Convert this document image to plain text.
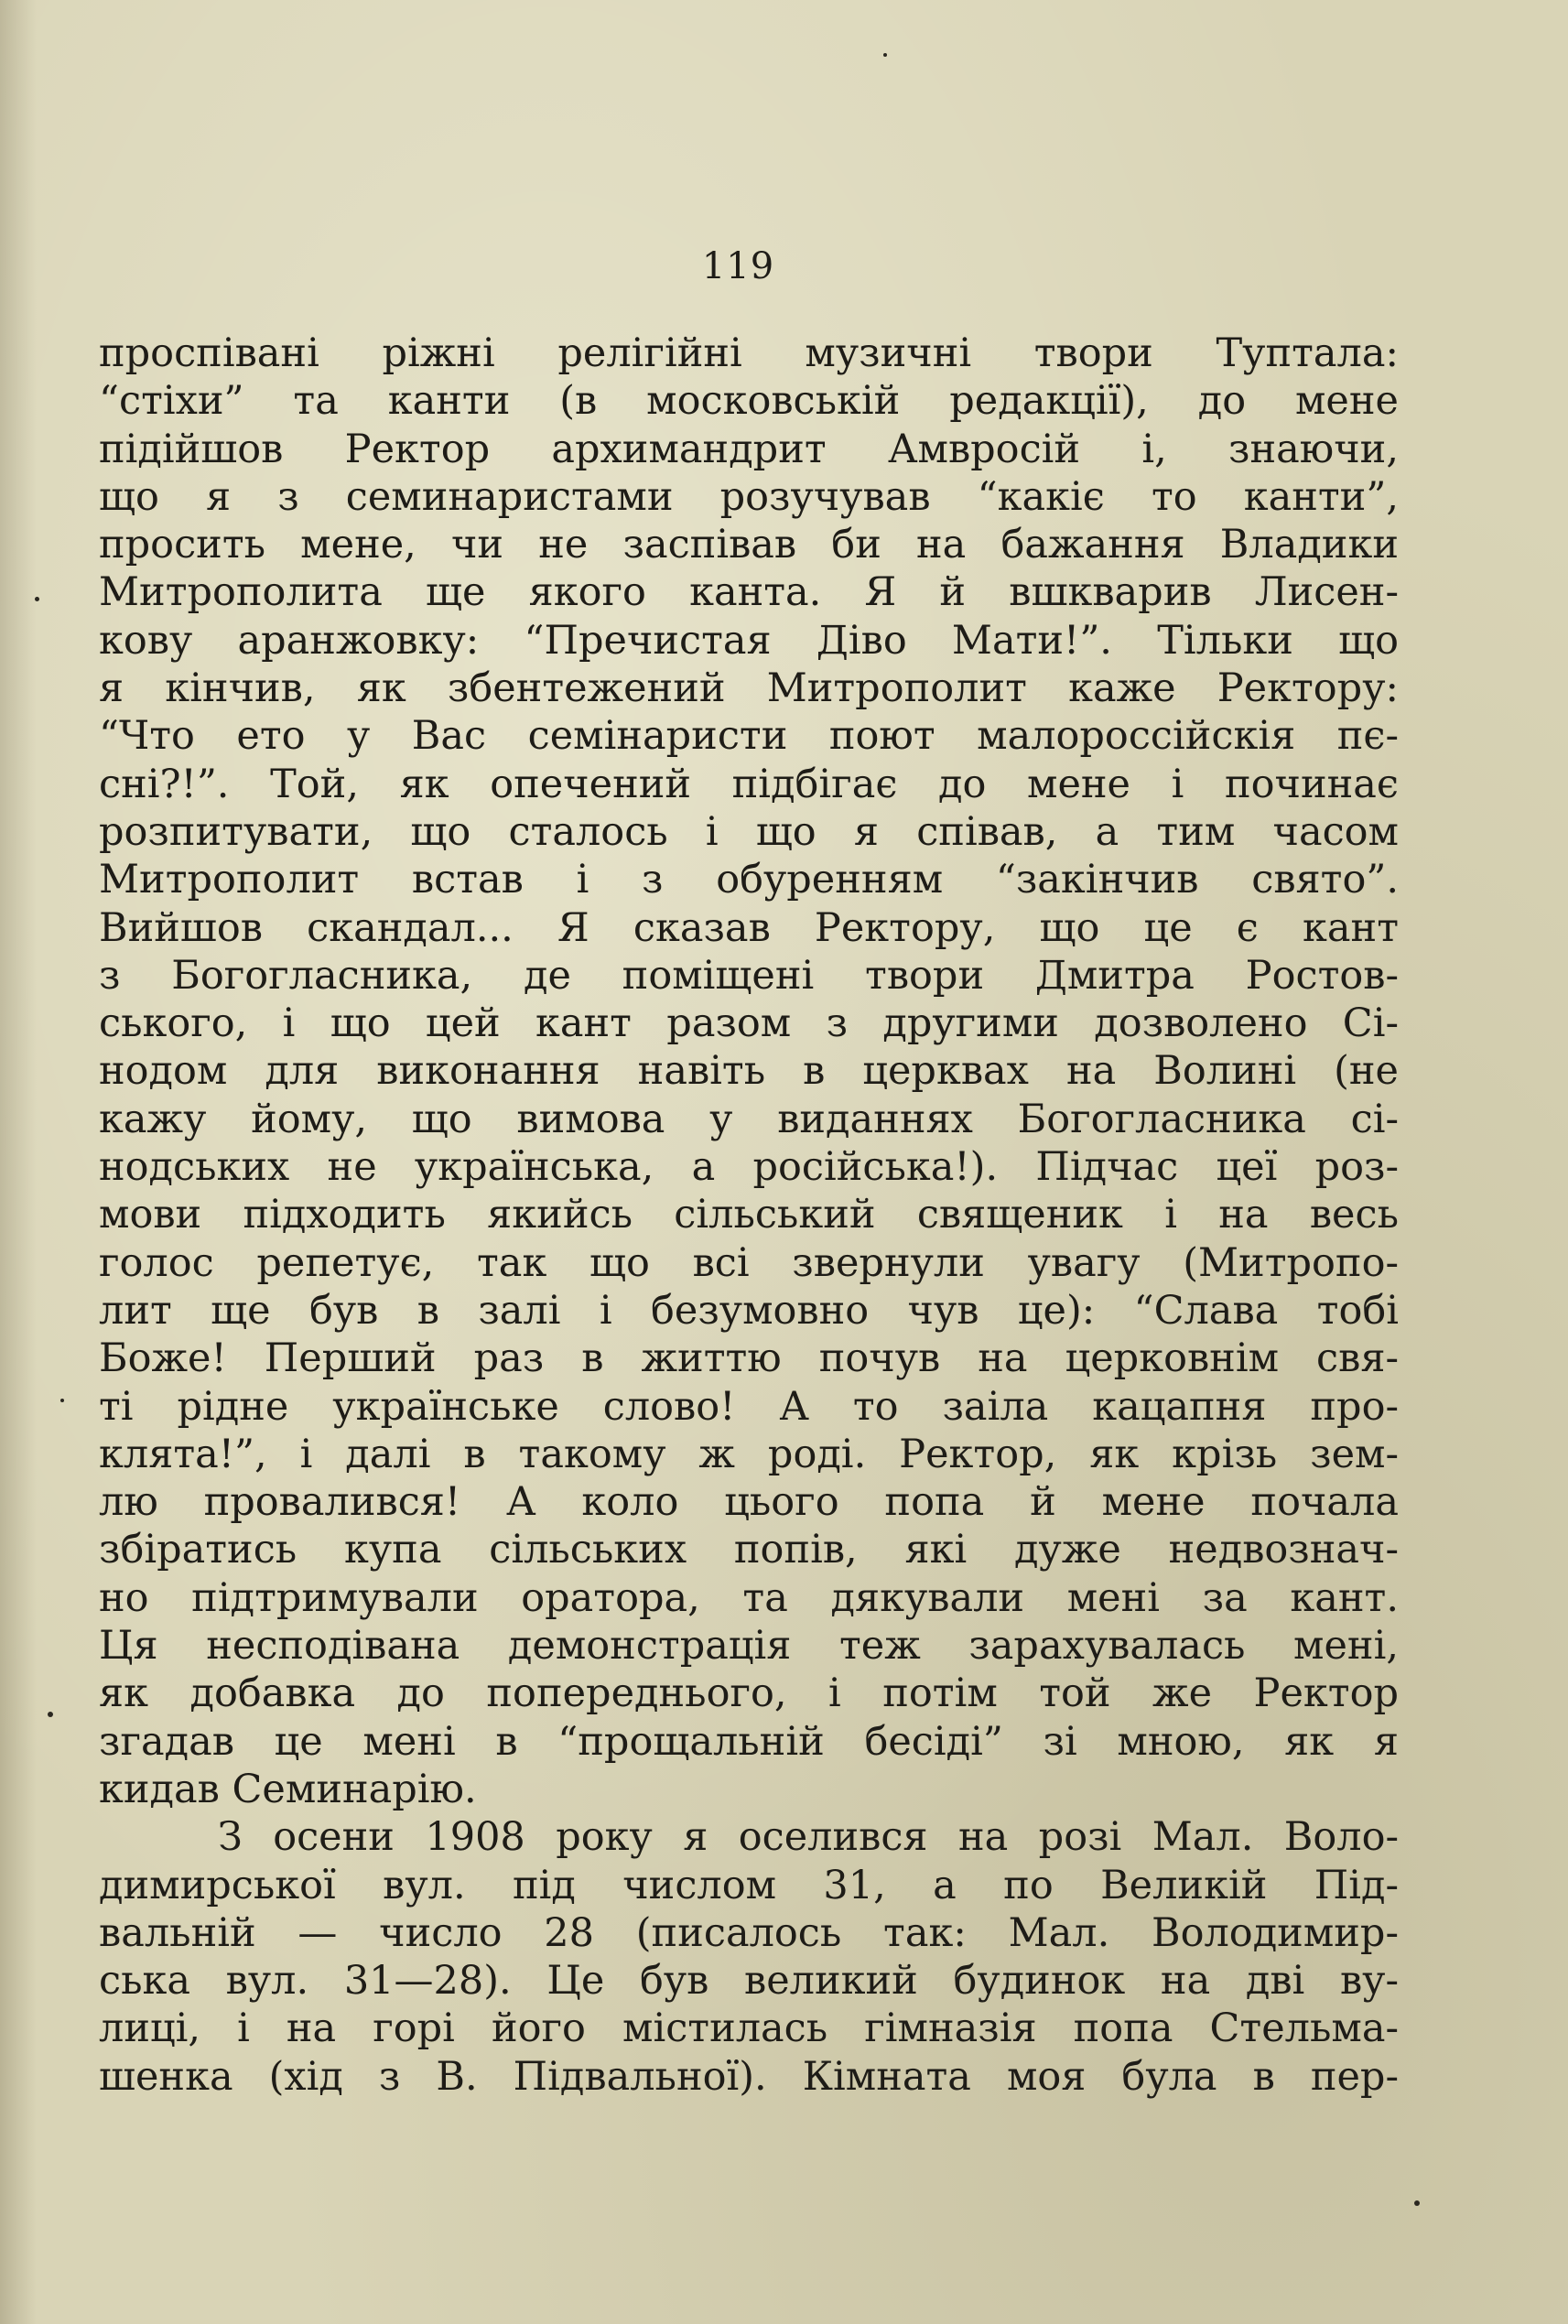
119

проспівані ріжні релігійні музичні твори Туптала:
“стіхи” та канти (в московській редакції), до мене
підійшов Ректор архимандрит Амвросій і, знаючи,
що я з семинаристами розучував “какіє то канти”,
просить мене, чи не заспівав би на бажання Владики
Митрополита ще якого канта. Я й вшкварив Лисен-
кову аранжовку: “Пречистая Діво Мати!”. Тільки що
я кінчив, як збентежений Митрополит каже Ректору:
“Что ето у Вас семінаристи поют малороссійскія пє-
сні?!”. Той, як опечений підбігає до мене і починає
розпитувати, що сталось і що я співав, а тим часом
Митрополит встав і з обуренням “закінчив свято”.
Вийшов скандал... Я сказав Ректору, що це є кант
з Богогласника, де поміщені твори Дмитра Ростов-
ського, і що цей кант разом з другими дозволено Сі-
нодом для виконання навіть в церквах на Волині (не
кажу йому, що вимова у виданнях Богогласника сі-
нодських не українська, а російська!). Підчас цеї роз-
мови підходить якийсь сільський священик і на весь
голос репетує, так що всі звернули увагу (Митропо-
лит ще був в залі і безумовно чув це): “Слава тобі
Боже! Перший раз в життю почув на церковнім свя-
ті рідне українське слово! А то заіла кацапня про-
клята!”, і далі в такому ж роді. Ректор, як крізь зем-
лю провалився! А коло цього попа й мене почала
збіратись купа сільських попів, які дуже недвознач-
но підтримували оратора, та дякували мені за кант.
Ця несподівана демонстрація теж зарахувалась мені,
як добавка до попереднього, і потім той же Ректор
згадав це мені в “прощальній бесіді” зі мною, як я
кидав Семинарію.
З осени 1908 року я оселився на розі Мал. Воло-
димирської вул. під числом 31, а по Великій Під-
вальній — число 28 (писалось так: Мал. Володимир-
ська вул. 31—28). Це був великий будинок на дві ву-
лиці, і на горі його містилась гімназія попа Стельма-
шенка (хід з В. Підвальної). Кімната моя була в пер-
